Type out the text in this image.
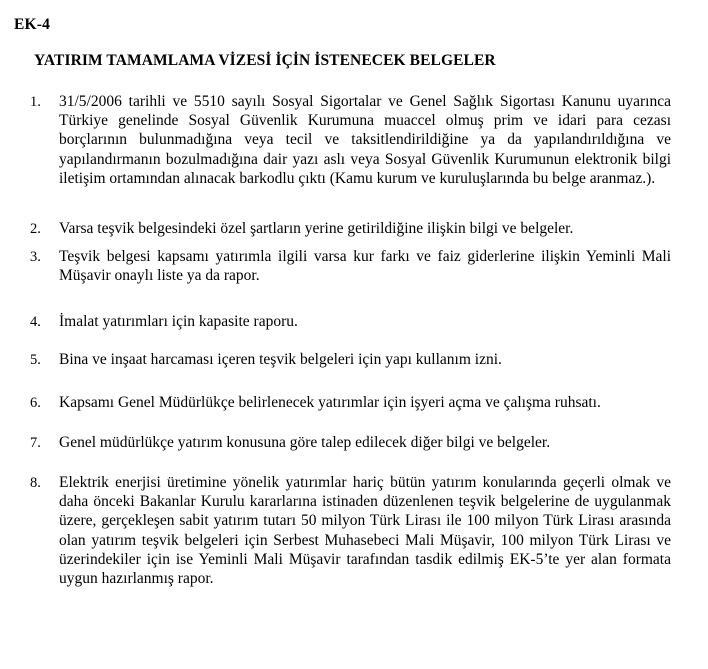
EK-4
YATIRIM TAMAMLAMA VİZESİ İÇİN İSTENECEK BELGELER
1. 31/5/2006 tarihli ve 5510 sayılı Sosyal Sigortalar ve Genel Sağlık Sigortası Kanunu uyarınca Türkiye genelinde Sosyal Güvenlik Kurumuna muaccel olmuş prim ve idari para cezası borçlarının bulunmadığına veya tecil ve taksitlendirildiğine ya da yapılandırıldığına ve yapılandırmanın bozulmadığına dair yazı aslı veya Sosyal Güvenlik Kurumunun elektronik bilgi iletişim ortamından alınacak barkodlu çıktı (Kamu kurum ve kuruluşlarında bu belge aranmaz.).
2. Varsa teşvik belgesindeki özel şartların yerine getirildiğine ilişkin bilgi ve belgeler.
3. Teşvik belgesi kapsamı yatırımla ilgili varsa kur farkı ve faiz giderlerine ilişkin Yeminli Mali Müşavir onaylı liste ya da rapor.
4. İmalat yatırımları için kapasite raporu.
5. Bina ve inşaat harcaması içeren teşvik belgeleri için yapı kullanım izni.
6. Kapsamı Genel Müdürlükçe belirlenecek yatırımlar için işyeri açma ve çalışma ruhsatı.
7. Genel müdürlükçe yatırım konusuna göre talep edilecek diğer bilgi ve belgeler.
8. Elektrik enerjisi üretimine yönelik yatırımlar hariç bütün yatırım konularında geçerli olmak ve daha önceki Bakanlar Kurulu kararlarına istinaden düzenlenen teşvik belgelerine de uygulanmak üzere, gerçekleşen sabit yatırım tutarı 50 milyon Türk Lirası ile 100 milyon Türk Lirası arasında olan yatırım teşvik belgeleri için Serbest Muhasebeci Mali Müşavir, 100 milyon Türk Lirası ve üzerindekiler için ise Yeminli Mali Müşavir tarafından tasdik edilmiş EK-5’te yer alan formata uygun hazırlanmış rapor.
